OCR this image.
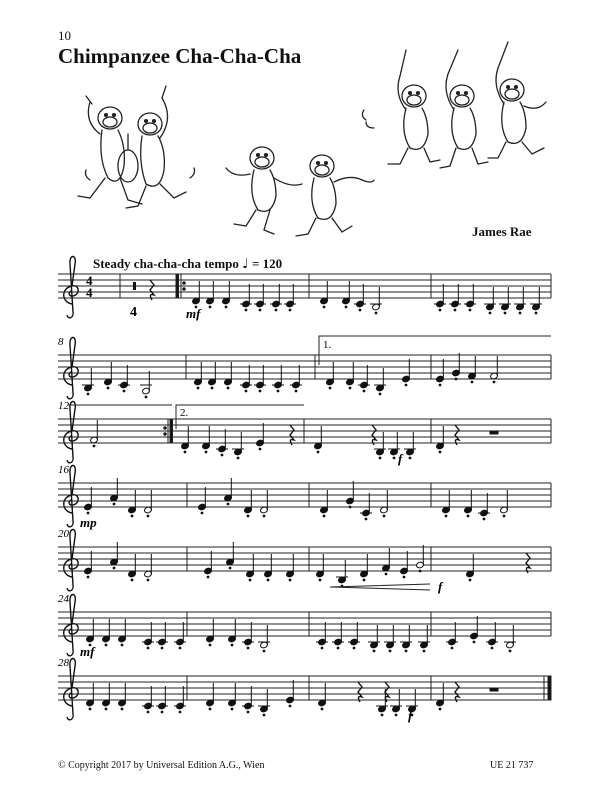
10
Chimpanzee Cha-Cha-Cha
James Rae
Steady cha-cha-cha tempo ♩ = 120
© Copyright 2017 by Universal Edition A.G., Wien	UE 21 737
4
4
4
8
12
16
20
24
28
1.
2.
mf
f
mp
f
mf
f
